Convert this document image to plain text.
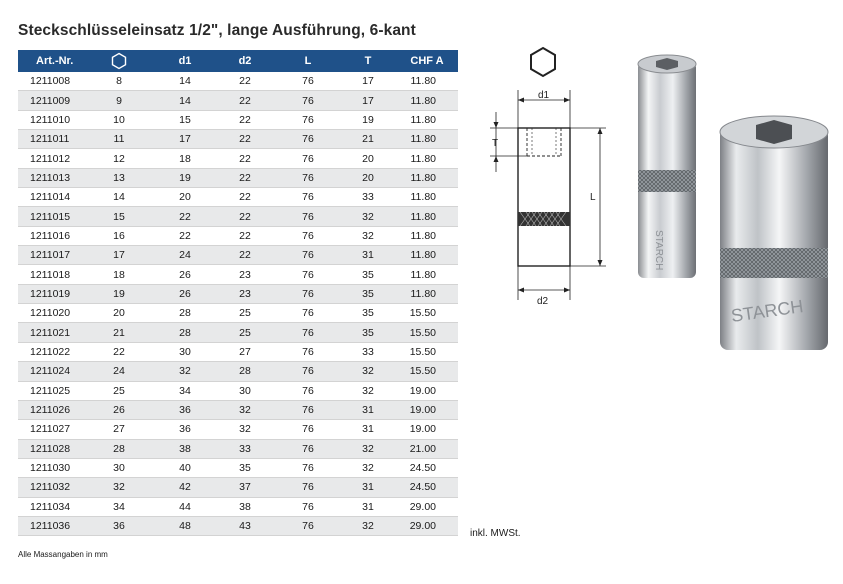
Steckschlüsseleinsatz 1/2", lange Ausführung, 6-kant
Art.-Nr.		d1	d2	L	T	CHF A
1211008	8	14	22	76	17	11.80
1211009	9	14	22	76	17	11.80
1211010	10	15	22	76	19	11.80
1211011	11	17	22	76	21	11.80
1211012	12	18	22	76	20	11.80
1211013	13	19	22	76	20	11.80
1211014	14	20	22	76	33	11.80
1211015	15	22	22	76	32	11.80
1211016	16	22	22	76	32	11.80
1211017	17	24	22	76	31	11.80
1211018	18	26	23	76	35	11.80
1211019	19	26	23	76	35	11.80
1211020	20	28	25	76	35	15.50
1211021	21	28	25	76	35	15.50
1211022	22	30	27	76	33	15.50
1211024	24	32	28	76	32	15.50
1211025	25	34	30	76	32	19.00
1211026	26	36	32	76	31	19.00
1211027	27	36	32	76	31	19.00
1211028	28	38	33	76	32	21.00
1211030	30	40	35	76	32	24.50
1211032	32	42	37	76	31	24.50
1211034	34	44	38	76	31	29.00
1211036	36	48	43	76	32	29.00
inkl. MWSt.
Alle Massangaben in mm
d1
d2
T
L
STARCH
STARCH
